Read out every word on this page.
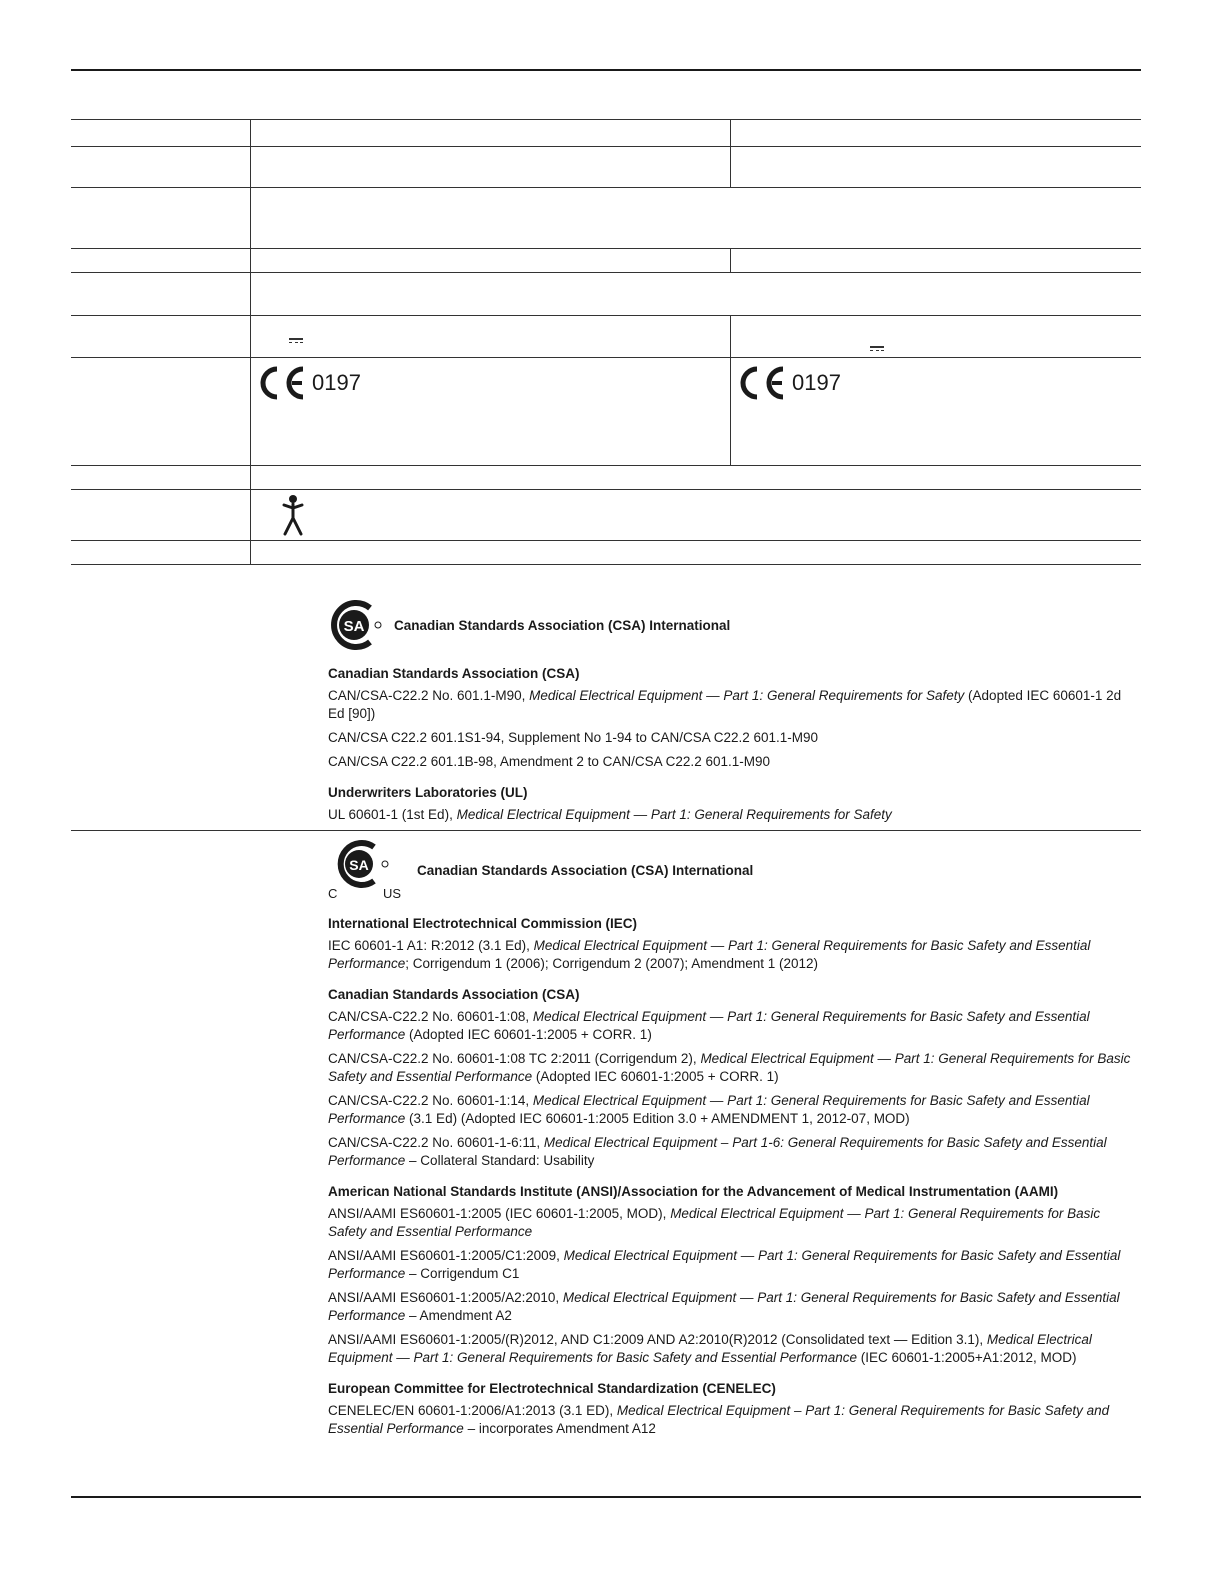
0197	0197
SA Canadian Standards Association (CSA) International
Canadian Standards Association (CSA)

CAN/CSA-C22.2 No. 601.1-M90, Medical Electrical Equipment — Part 1: General Requirements for Safety (Adopted IEC 60601-1 2d Ed [90])

CAN/CSA C22.2 601.1S1-94, Supplement No 1-94 to CAN/CSA C22.2 601.1-M90

CAN/CSA C22.2 601.1B-98, Amendment 2 to CAN/CSA C22.2 601.1-M90

Underwriters Laboratories (UL)

UL 60601-1 (1st Ed), Medical Electrical Equipment — Part 1: General Requirements for Safety

SA
C	US
Canadian Standards Association (CSA) International
International Electrotechnical Commission (IEC)

IEC 60601-1 A1: R:2012 (3.1 Ed), Medical Electrical Equipment — Part 1: General Requirements for Basic Safety and Essential Performance; Corrigendum 1 (2006); Corrigendum 2 (2007); Amendment 1 (2012)

Canadian Standards Association (CSA)

CAN/CSA-C22.2 No. 60601-1:08, Medical Electrical Equipment — Part 1: General Requirements for Basic Safety and Essential Performance (Adopted IEC 60601-1:2005 + CORR. 1)

CAN/CSA-C22.2 No. 60601-1:08 TC 2:2011 (Corrigendum 2), Medical Electrical Equipment — Part 1: General Requirements for Basic Safety and Essential Performance (Adopted IEC 60601-1:2005 + CORR. 1)

CAN/CSA-C22.2 No. 60601-1:14, Medical Electrical Equipment — Part 1: General Requirements for Basic Safety and Essential Performance (3.1 Ed) (Adopted IEC 60601-1:2005 Edition 3.0 + AMENDMENT 1, 2012-07, MOD)

CAN/CSA-C22.2 No. 60601-1-6:11, Medical Electrical Equipment – Part 1-6: General Requirements for Basic Safety and Essential Performance – Collateral Standard: Usability

American National Standards Institute (ANSI)/Association for the Advancement of Medical Instrumentation (AAMI)

ANSI/AAMI ES60601-1:2005 (IEC 60601-1:2005, MOD), Medical Electrical Equipment — Part 1: General Requirements for Basic Safety and Essential Performance

ANSI/AAMI ES60601-1:2005/C1:2009, Medical Electrical Equipment — Part 1: General Requirements for Basic Safety and Essential Performance – Corrigendum C1

ANSI/AAMI ES60601-1:2005/A2:2010, Medical Electrical Equipment — Part 1: General Requirements for Basic Safety and Essential Performance – Amendment A2

ANSI/AAMI ES60601-1:2005/(R)2012, AND C1:2009 AND A2:2010(R)2012 (Consolidated text — Edition 3.1), Medical Electrical Equipment — Part 1: General Requirements for Basic Safety and Essential Performance (IEC 60601-1:2005+A1:2012, MOD)

European Committee for Electrotechnical Standardization (CENELEC)

CENELEC/EN 60601-1:2006/A1:2013 (3.1 ED), Medical Electrical Equipment – Part 1: General Requirements for Basic Safety and Essential Performance – incorporates Amendment A12
